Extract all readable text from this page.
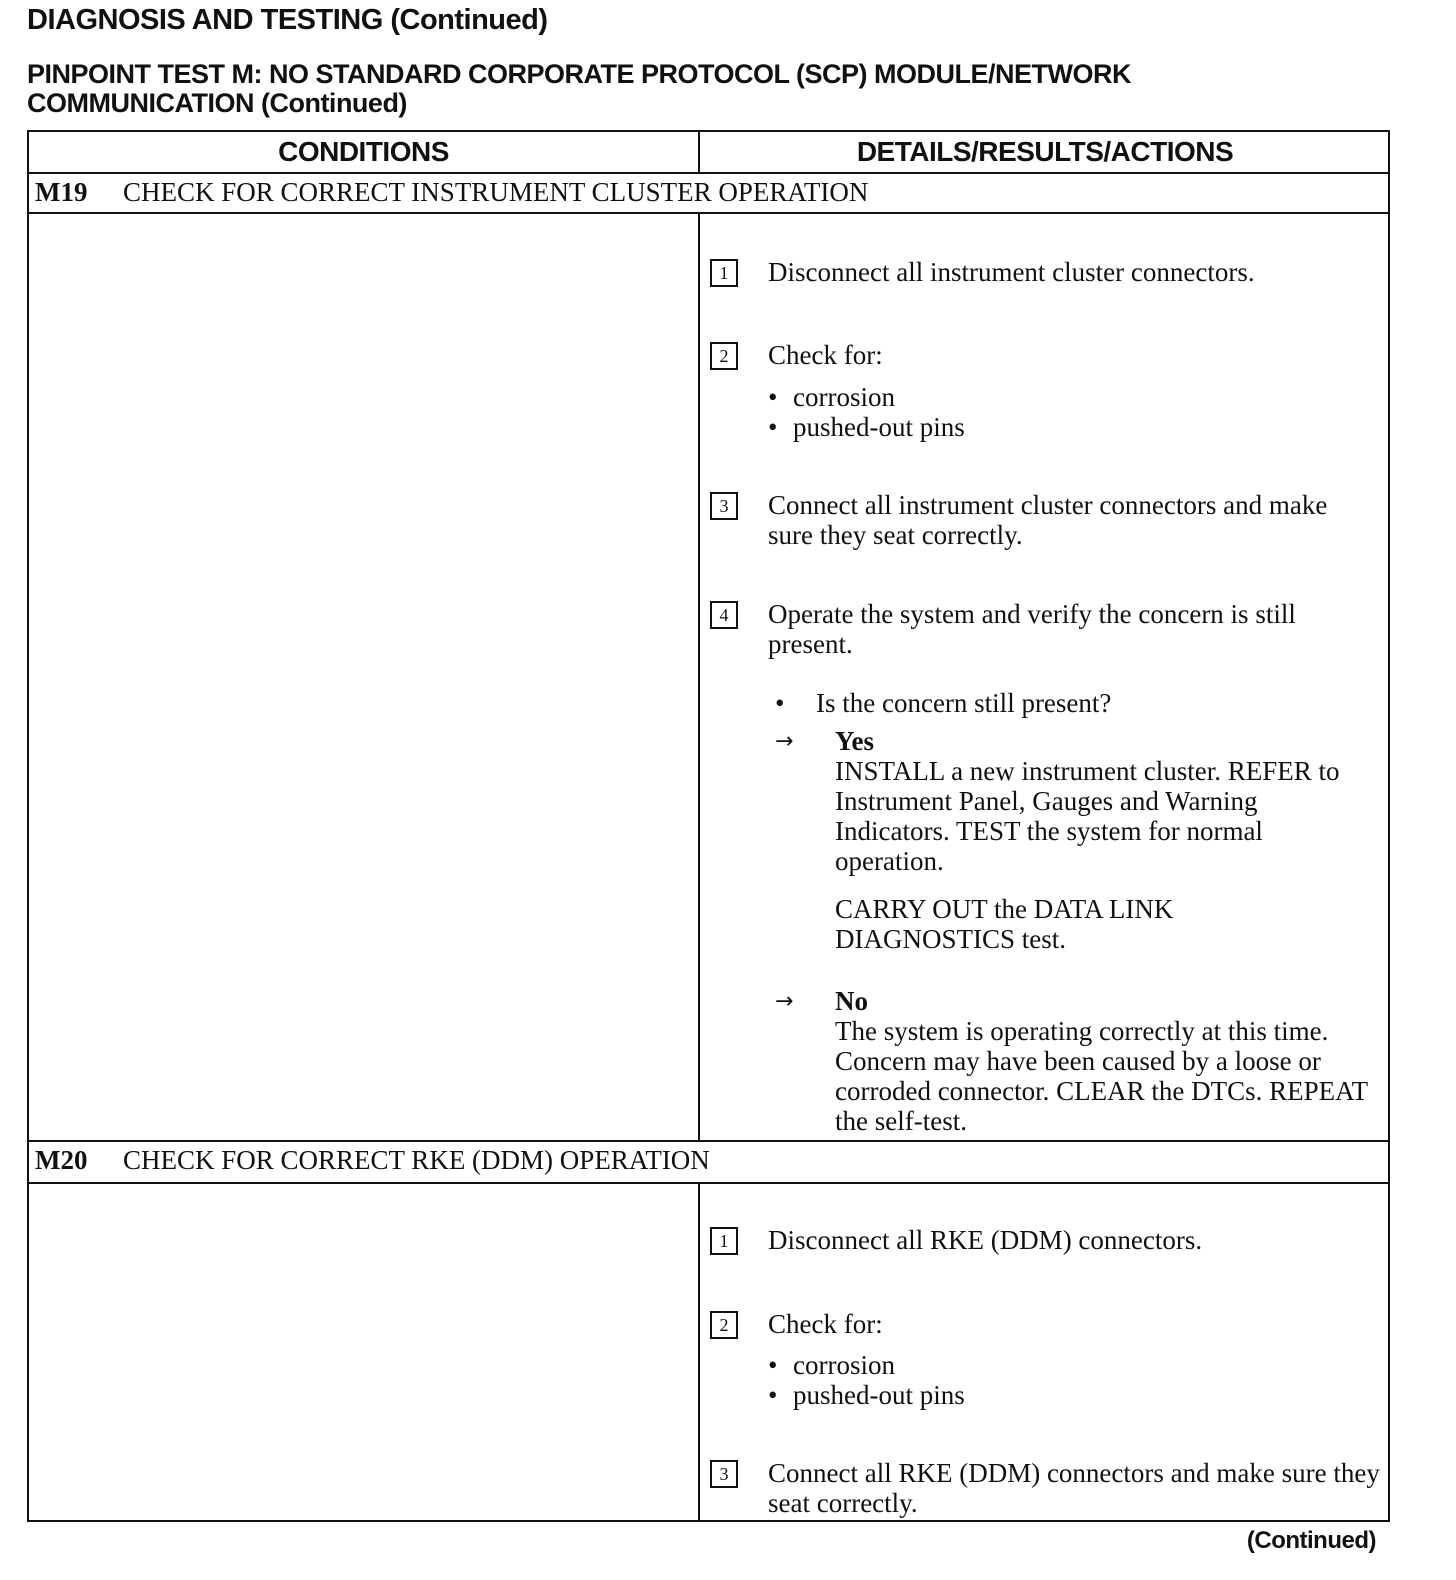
DIAGNOSIS AND TESTING (Continued)
PINPOINT TEST M: NO STANDARD CORPORATE PROTOCOL (SCP) MODULE/NETWORK
COMMUNICATION (Continued)
CONDITIONS	DETAILS/RESULTS/ACTIONS
M19 CHECK FOR CORRECT INSTRUMENT CLUSTER OPERATION
1	Disconnect all instrument cluster connectors.
2	Check for:
• corrosion
• pushed-out pins
3	Connect all instrument cluster connectors and make sure they seat correctly.
4	Operate the system and verify the concern is still present.
• Is the concern still present?
→ Yes
INSTALL a new instrument cluster. REFER to Instrument Panel, Gauges and Warning Indicators. TEST the system for normal operation.
CARRY OUT the DATA LINK DIAGNOSTICS test.
→ No
The system is operating correctly at this time. Concern may have been caused by a loose or corroded connector. CLEAR the DTCs. REPEAT the self-test.
M20 CHECK FOR CORRECT RKE (DDM) OPERATION
1	Disconnect all RKE (DDM) connectors.
2	Check for:
• corrosion
• pushed-out pins
3	Connect all RKE (DDM) connectors and make sure they seat correctly.
(Continued)
